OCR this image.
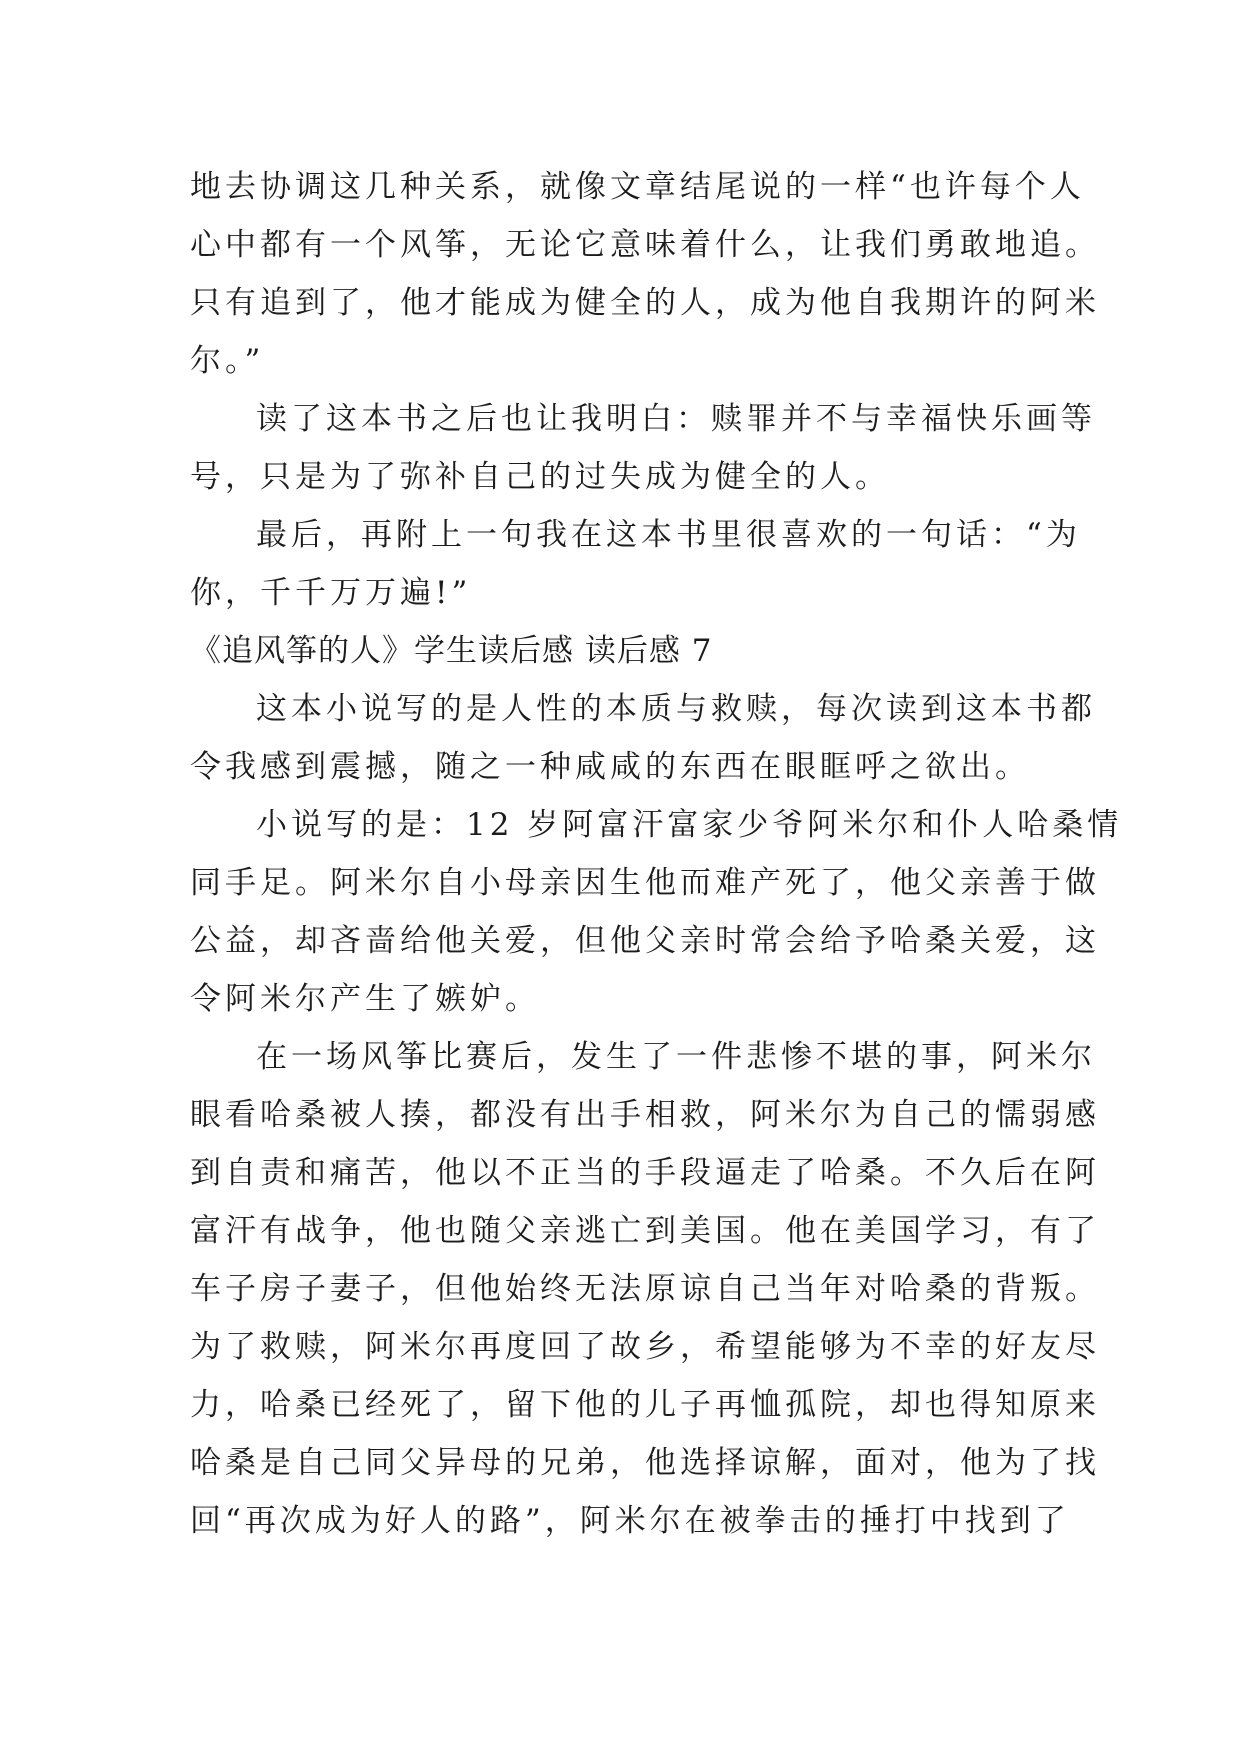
地去协调这几种关系，就像文章结尾说的一样“也许每个人
心中都有一个风筝，无论它意味着什么，让我们勇敢地追。
只有追到了，他才能成为健全的人，成为他自我期许的阿米
尔。”

读了这本书之后也让我明白：赎罪并不与幸福快乐画等
号，只是为了弥补自己的过失成为健全的人。

最后，再附上一句我在这本书里很喜欢的一句话：“为
你，千千万万遍!”

《追风筝的人》学生读后感 读后感 7

这本小说写的是人性的本质与救赎，每次读到这本书都
令我感到震撼，随之一种咸咸的东西在眼眶呼之欲出。

小说写的是：12 岁阿富汗富家少爷阿米尔和仆人哈桑情
同手足。阿米尔自小母亲因生他而难产死了，他父亲善于做
公益，却吝啬给他关爱，但他父亲时常会给予哈桑关爱，这
令阿米尔产生了嫉妒。

在一场风筝比赛后，发生了一件悲惨不堪的事，阿米尔
眼看哈桑被人揍，都没有出手相救，阿米尔为自己的懦弱感
到自责和痛苦，他以不正当的手段逼走了哈桑。不久后在阿
富汗有战争，他也随父亲逃亡到美国。他在美国学习，有了
车子房子妻子，但他始终无法原谅自己当年对哈桑的背叛。
为了救赎，阿米尔再度回了故乡，希望能够为不幸的好友尽
力，哈桑已经死了，留下他的儿子再恤孤院，却也得知原来
哈桑是自己同父异母的兄弟，他选择谅解，面对，他为了找
回“再次成为好人的路”，阿米尔在被拳击的捶打中找到了
